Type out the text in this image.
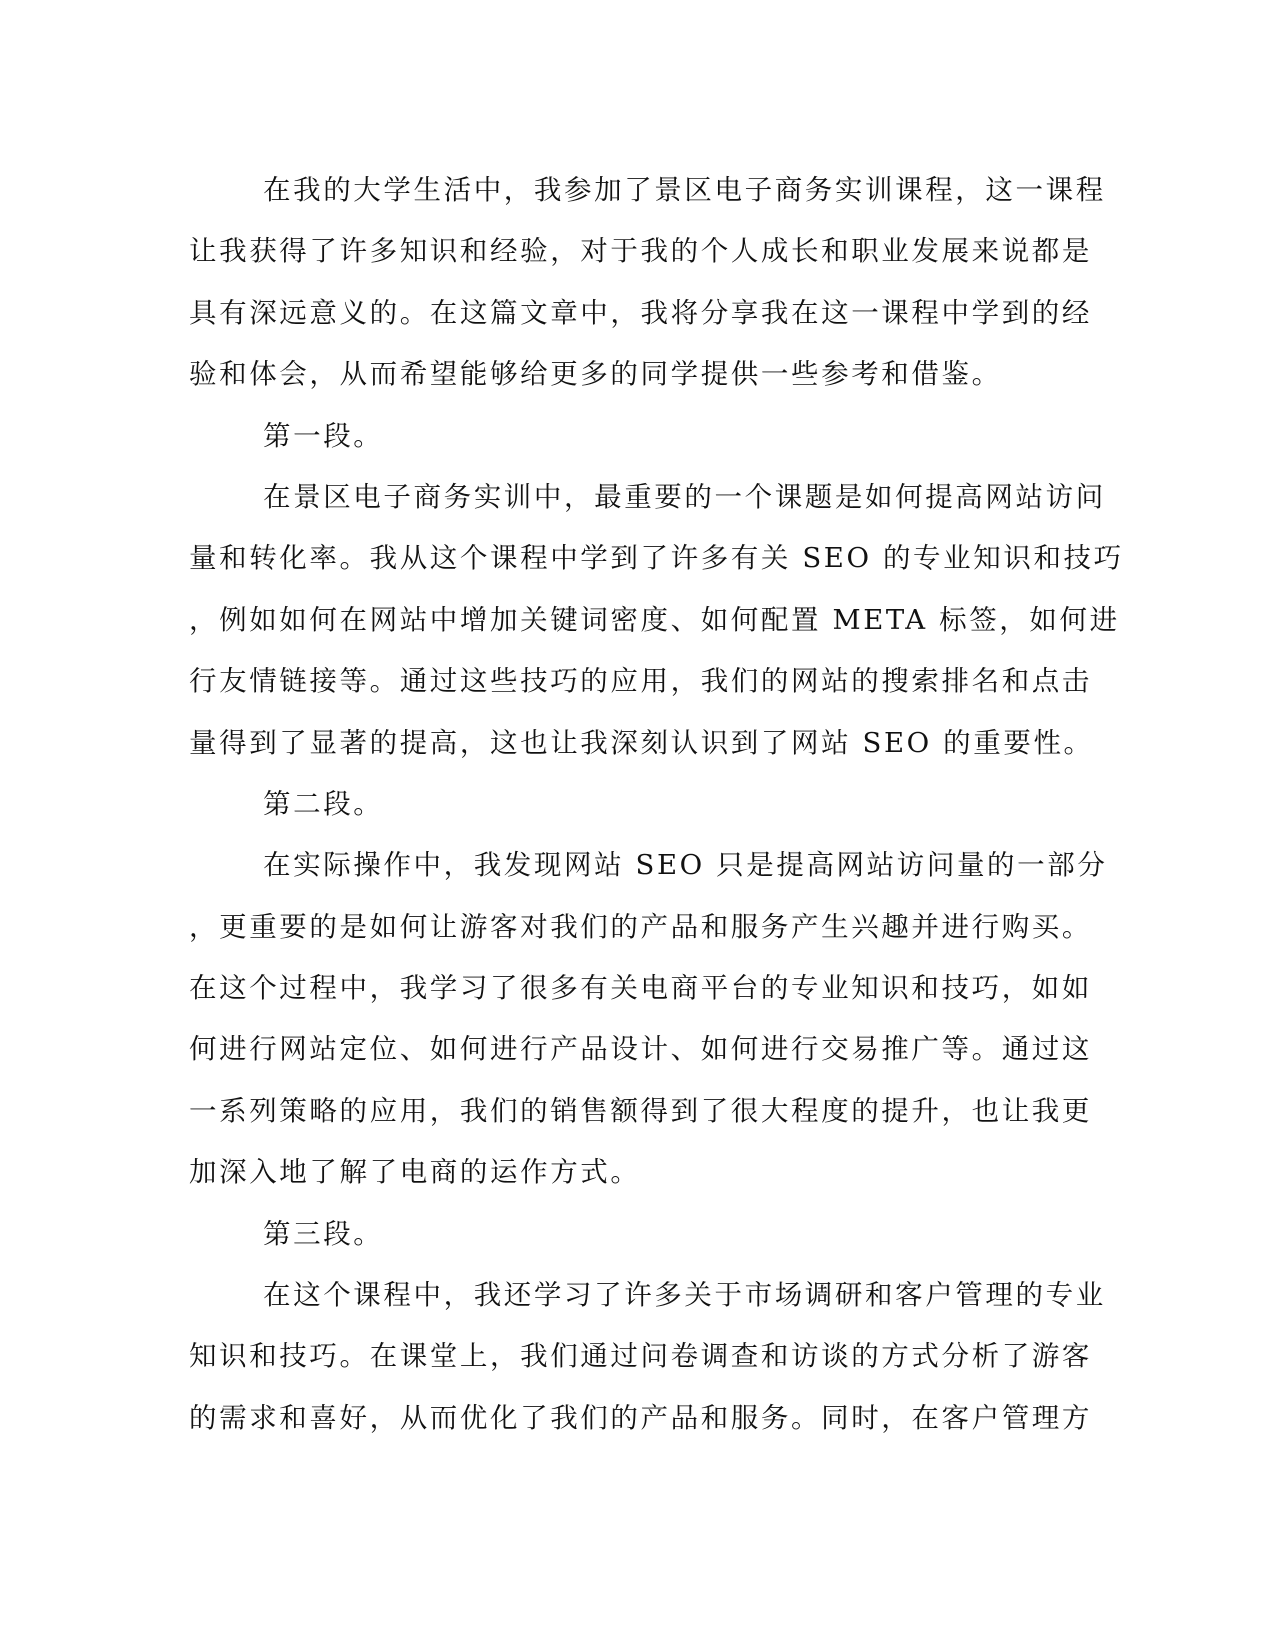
在我的大学生活中，我参加了景区电子商务实训课程，这一课程
让我获得了许多知识和经验，对于我的个人成长和职业发展来说都是
具有深远意义的。在这篇文章中，我将分享我在这一课程中学到的经
验和体会，从而希望能够给更多的同学提供一些参考和借鉴。
第一段。
在景区电子商务实训中，最重要的一个课题是如何提高网站访问
量和转化率。我从这个课程中学到了许多有关 SEO 的专业知识和技巧
，例如如何在网站中增加关键词密度、如何配置 META 标签，如何进
行友情链接等。通过这些技巧的应用，我们的网站的搜索排名和点击
量得到了显著的提高，这也让我深刻认识到了网站 SEO 的重要性。
第二段。
在实际操作中，我发现网站 SEO 只是提高网站访问量的一部分
，更重要的是如何让游客对我们的产品和服务产生兴趣并进行购买。
在这个过程中，我学习了很多有关电商平台的专业知识和技巧，如如
何进行网站定位、如何进行产品设计、如何进行交易推广等。通过这
一系列策略的应用，我们的销售额得到了很大程度的提升，也让我更
加深入地了解了电商的运作方式。
第三段。
在这个课程中，我还学习了许多关于市场调研和客户管理的专业
知识和技巧。在课堂上，我们通过问卷调查和访谈的方式分析了游客
的需求和喜好，从而优化了我们的产品和服务。同时，在客户管理方
